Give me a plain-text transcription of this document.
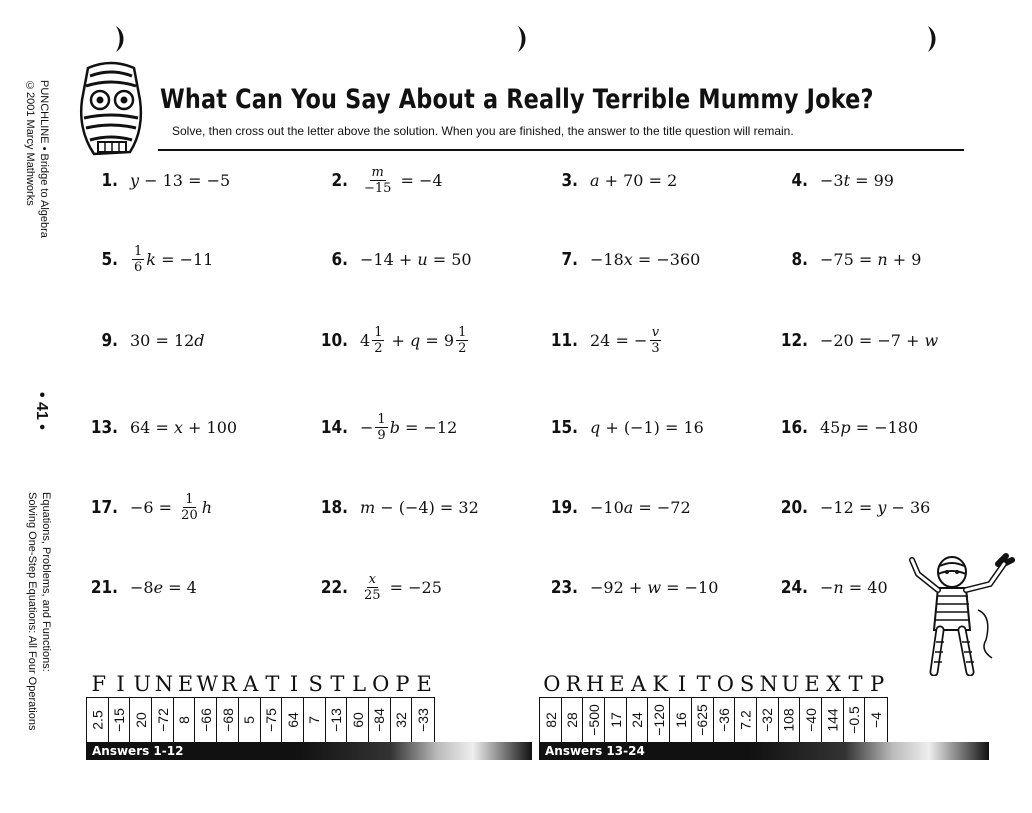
PUNCHLINE • Bridge to Algebra
©2001 Marcy Mathworks
• 41 •
Equations, Problems, and Functions:
Solving One-Step Equations: All Four Operations
What Can You Say About a Really Terrible Mummy Joke?
Solve, then cross out the letter above the solution. When you are finished, the answer to the title question will remain.
1. y − 13 = −5	2. $\frac{m}{-15} = -4$	3. a + 70 = 2	4. −3 t = 99
5. $\frac{1}{6}$ k = −11	6. −14 + u = 50	7. −18 x = −360	8. −75 = n + 9
9. 30 = 12 d	10. $4 \frac{1}{2} + q = 9 \frac{1}{2}$	11. 24 = − $\frac{v}{3}$	12. −20 = −7 + w
13. 64 = x + 100	14. − $\frac{1}{9}$ b = −12	15. q + (−1) = 16	16. 45 p = −180
17. $-6 = \frac{1}{20}$ h	18. m − (−4) = 32	19. −10 a = −72	20. −12 = y − 36
21. −8 e = 4	22. $\frac{x}{25} = -25$	23. −92 + w = −10	24. − n = 40
F I U N E W R A T I S T L O P E
2.5 −15 20 −72 8 −66 −68 5 −75 64 7 −13 60 −84 32 −33
Answers 1-12
O R H E A K I T O S N U E X T P
82 28 −500 17 24 −120 16 −625 −36 7.2 −32 108 −40 144 −0.5 −4
Answers 13-24
